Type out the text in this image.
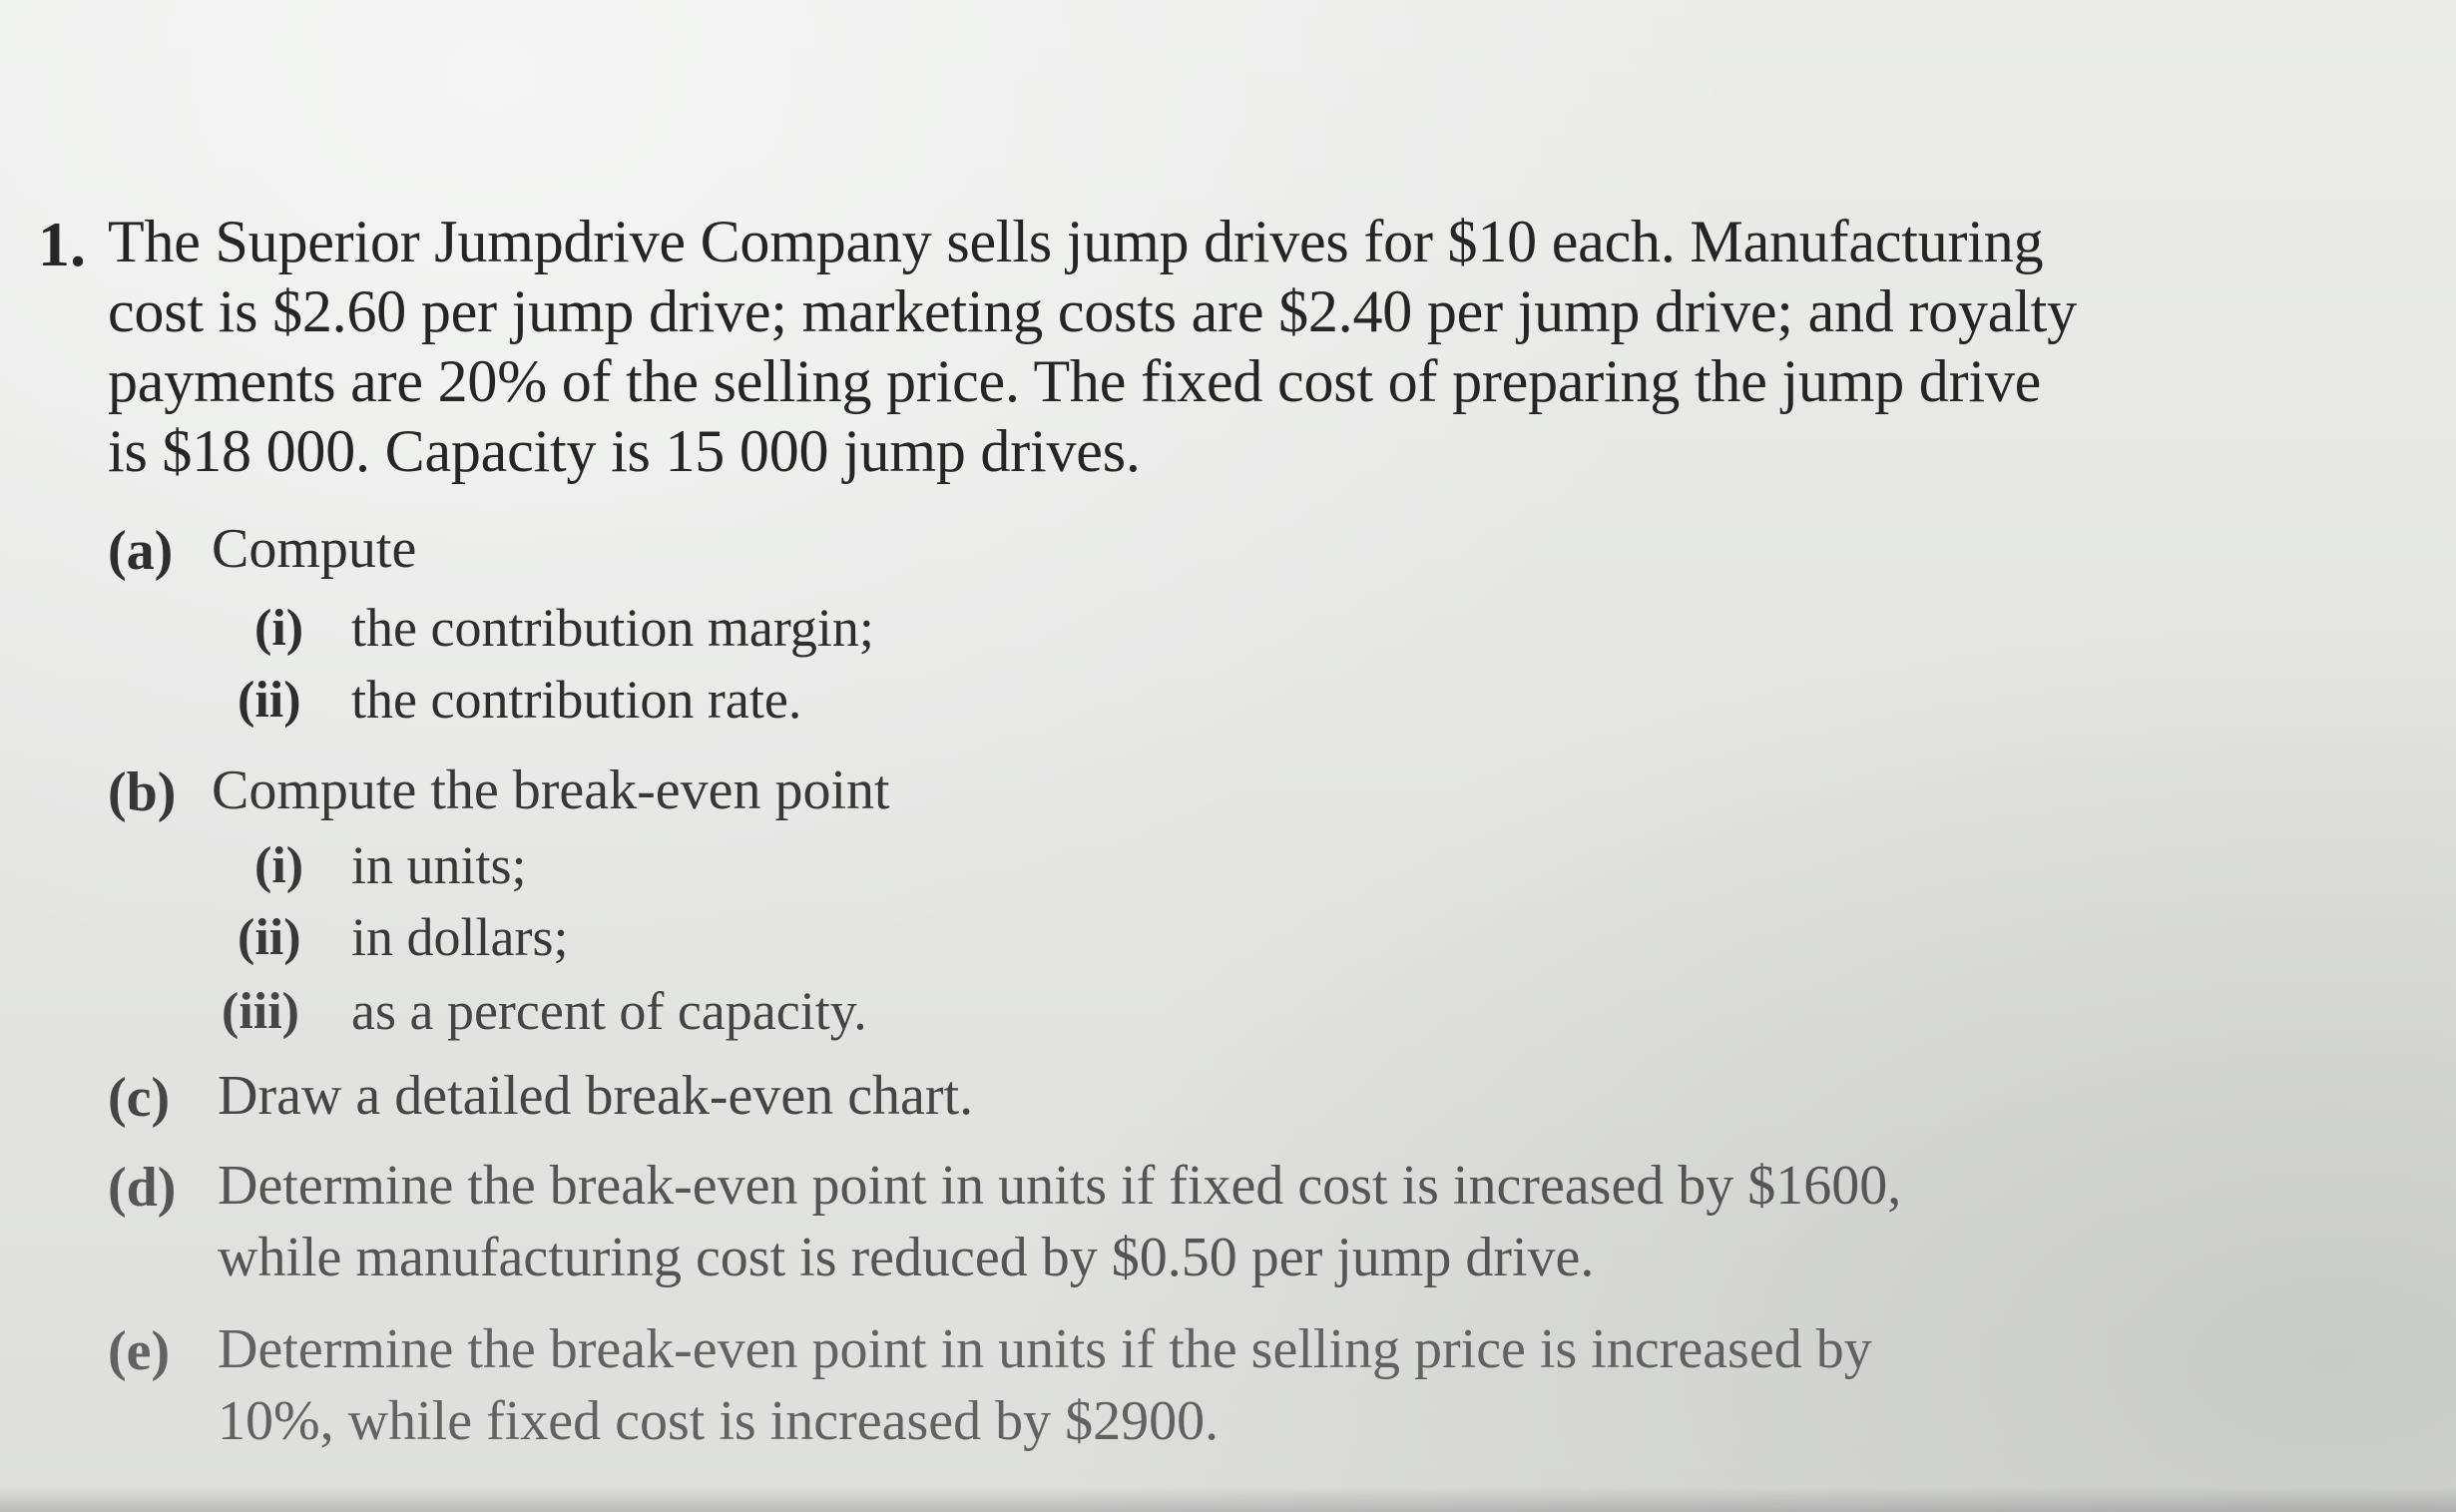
1. The Superior Jumpdrive Company sells jump drives for $10 each. Manufacturing
cost is $2.60 per jump drive; marketing costs are $2.40 per jump drive; and royalty
payments are 20% of the selling price. The fixed cost of preparing the jump drive
is $18 000. Capacity is 15 000 jump drives.
(a) Compute
(i) the contribution margin;
(ii) the contribution rate.
(b) Compute the break-even point
(i) in units;
(ii) in dollars;
(iii) as a percent of capacity.
(c) Draw a detailed break-even chart.
(d) Determine the break-even point in units if fixed cost is increased by $1600,
while manufacturing cost is reduced by $0.50 per jump drive.
(e) Determine the break-even point in units if the selling price is increased by
10%, while fixed cost is increased by $2900.
